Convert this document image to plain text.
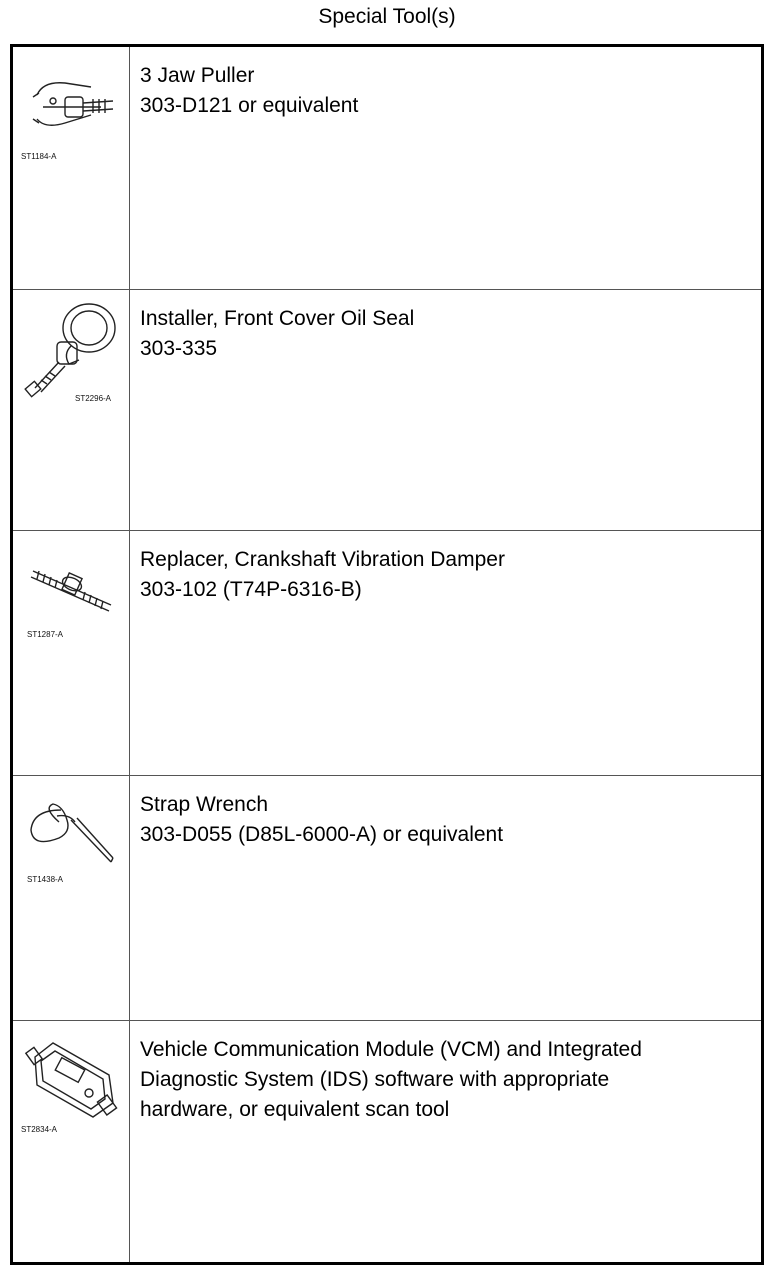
Special Tool(s)
ST1184-A
3 Jaw Puller
303-D121 or equivalent
ST2296-A
Installer, Front Cover Oil Seal
303-335
ST1287-A
Replacer, Crankshaft Vibration Damper
303-102 (T74P-6316-B)
ST1438-A
Strap Wrench
303-D055 (D85L-6000-A) or equivalent
ST2834-A
Vehicle Communication Module (VCM) and Integrated
Diagnostic System (IDS) software with appropriate
hardware, or equivalent scan tool
